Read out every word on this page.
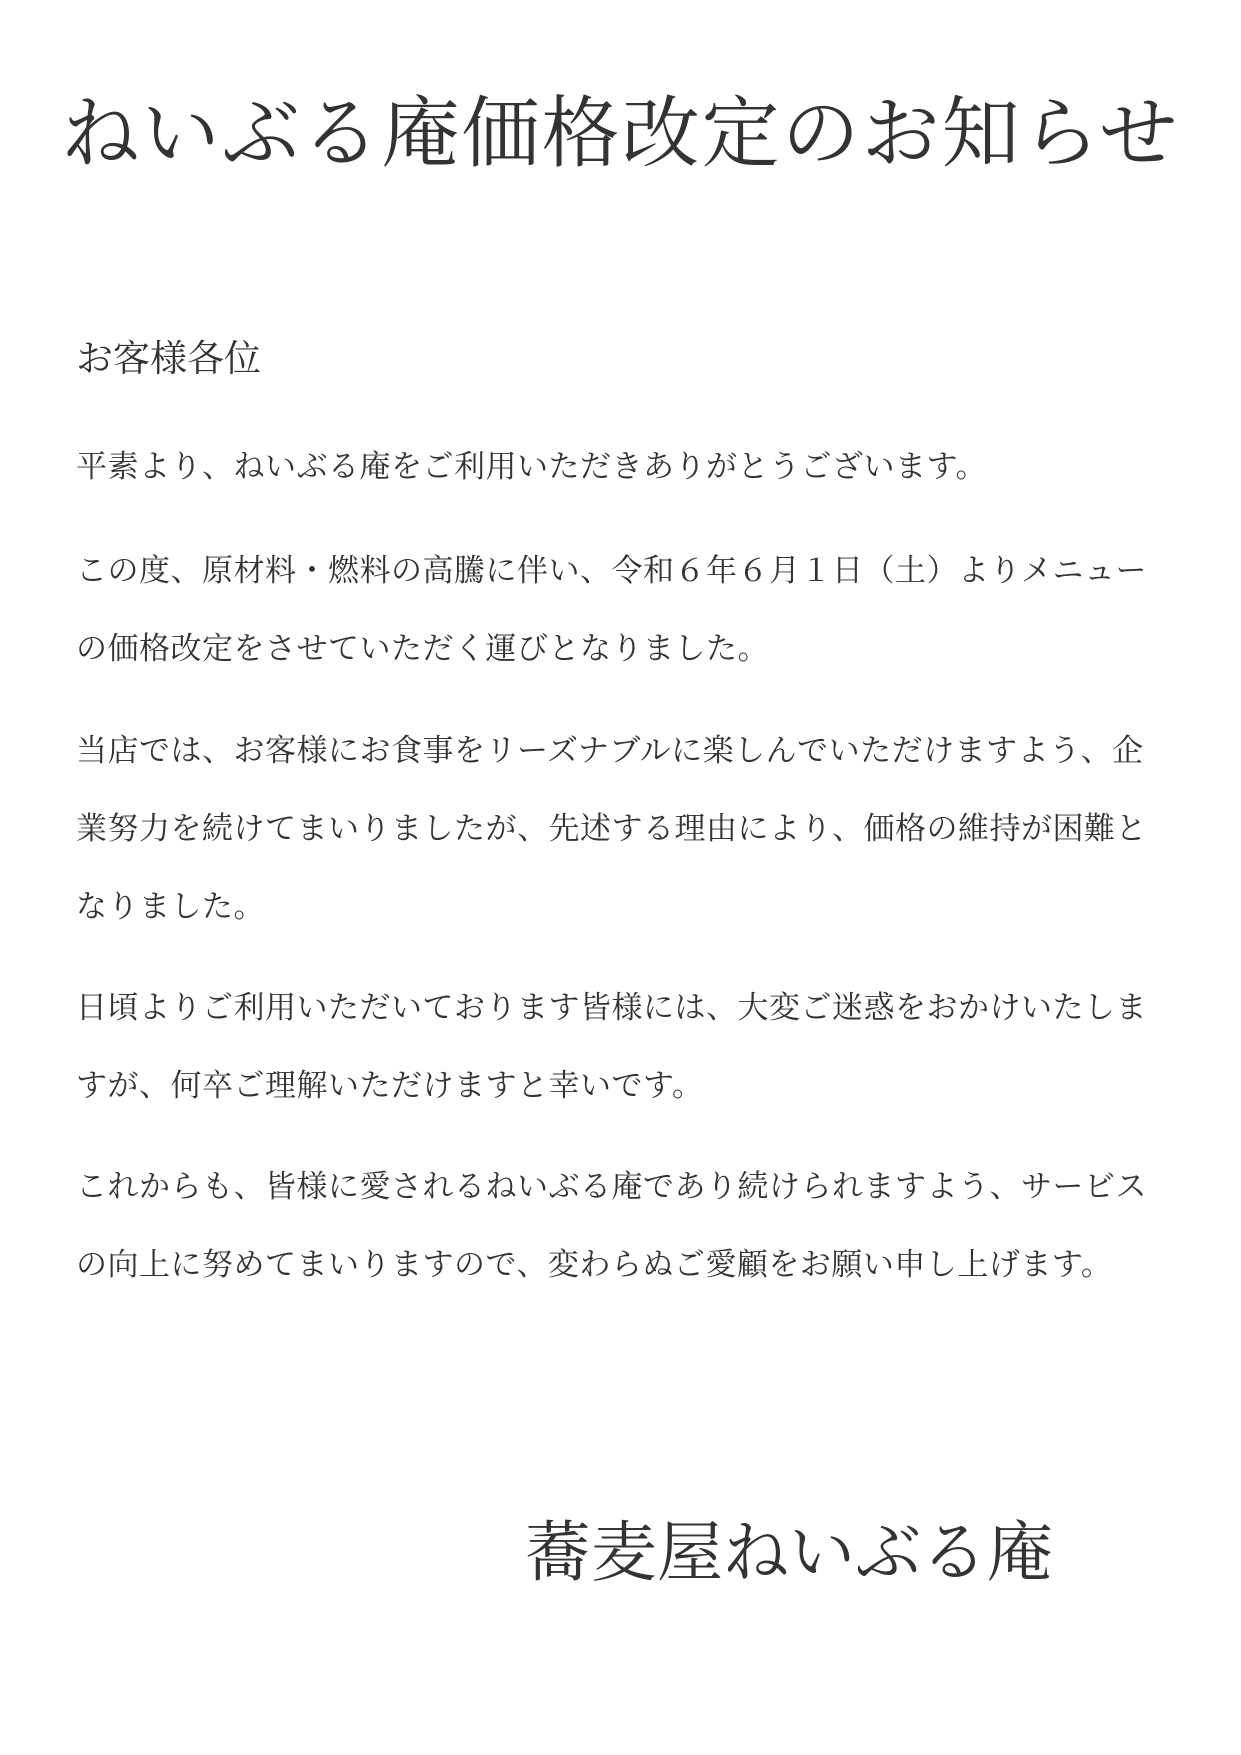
ねいぶる庵価格改定のお知らせ

お客様各位

平素より、ねいぶる庵をご利用いただきありがとうございます。

この度、原材料・燃料の高騰に伴い、令和６年６月１日（土）よりメニューの価格改定をさせていただく運びとなりました。

当店では、お客様にお食事をリーズナブルに楽しんでいただけますよう、企業努力を続けてまいりましたが、先述する理由により、価格の維持が困難となりました。

日頃よりご利用いただいております皆様には、大変ご迷惑をおかけいたしますが、何卒ご理解いただけますと幸いです。

これからも、皆様に愛されるねいぶる庵であり続けられますよう、サービスの向上に努めてまいりますので、変わらぬご愛顧をお願い申し上げます。

蕎麦屋ねいぶる庵
